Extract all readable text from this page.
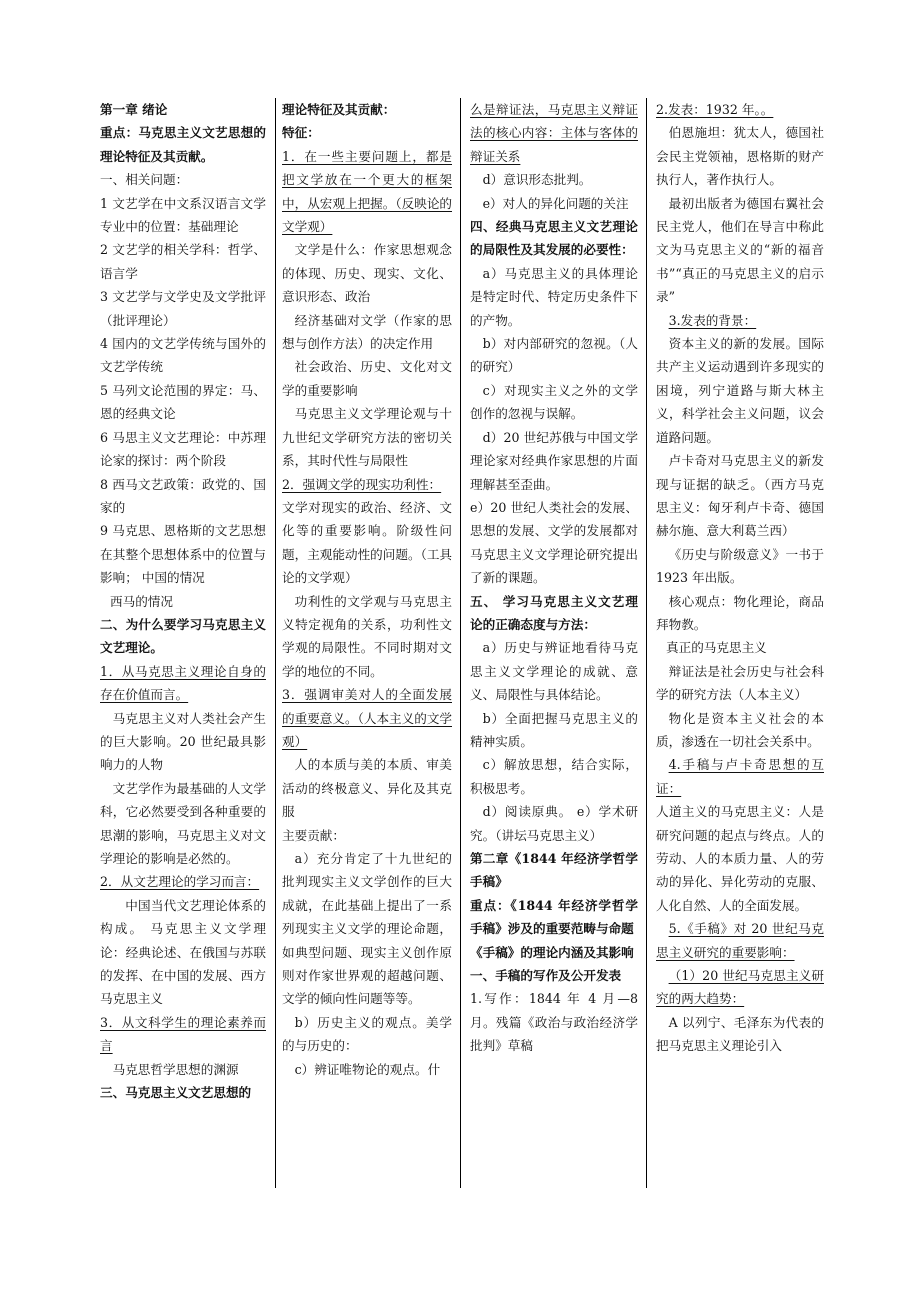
第一章 绪论
重点：马克思主义文艺思想的理论特征及其贡献。
一、相关问题：
1 文艺学在中文系汉语言文学专业中的位置：基础理论
2 文艺学的相关学科：哲学、语言学
3 文艺学与文学史及文学批评（批评理论）
4 国内的文艺学传统与国外的文艺学传统
5 马列文论范围的界定：马、恩的经典文论
6 马思主义文艺理论：中苏理论家的探讨：两个阶段
8 西马文艺政策：政党的、国家的
9 马克思、恩格斯的文艺思想在其整个思想体系中的位置与影响； 中国的情况
西马的情况
二、为什么要学习马克思主义文艺理论。
1．从马克思主义理论自身的存在价值而言。
马克思主义对人类社会产生的巨大影响。20 世纪最具影响力的人物
文艺学作为最基础的人文学科，它必然要受到各种重要的思潮的影响，马克思主义对文学理论的影响是必然的。
2．从文艺理论的学习而言：
中国当代文艺理论体系的构成。 马克思主义文学理论：经典论述、在俄国与苏联的发挥、在中国的发展、西方马克思主义
3．从文科学生的理论素养而言
马克思哲学思想的渊源
三、马克思主义文艺思想的
理论特征及其贡献：
特征：
1．在一些主要问题上，都是把文学放在一个更大的框架中，从宏观上把握。（反映论的文学观）
文学是什么：作家思想观念的体现、历史、现实、文化、意识形态、政治
经济基础对文学（作家的思想与创作方法）的决定作用
社会政治、历史、文化对文学的重要影响
马克思主义文学理论观与十九世纪文学研究方法的密切关系，其时代性与局限性
2．强调文学的现实功利性：
文学对现实的政治、经济、文化等的重要影响。阶级性问题，主观能动性的问题。（工具论的文学观）
功利性的文学观与马克思主义特定视角的关系，功利性文学观的局限性。不同时期对文学的地位的不同。
3．强调审美对人的全面发展的重要意义。（人本主义的文学观）
人的本质与美的本质、审美活动的终极意义、异化及其克服
主要贡献：
a）充分肯定了十九世纪的批判现实主义文学创作的巨大成就，在此基础上提出了一系列现实主义文学的理论命题，如典型问题、现实主义创作原则对作家世界观的超越问题、文学的倾向性问题等等。
b）历史主义的观点。美学的与历史的：
c）辨证唯物论的观点。什
么是辩证法，马克思主义辩证法的核心内容：主体与客体的辩证关系
d）意识形态批判。
e）对人的异化问题的关注
四、经典马克思主义文艺理论的局限性及其发展的必要性：
a）马克思主义的具体理论是特定时代、特定历史条件下的产物。
b）对内部研究的忽视。（人的研究）
c）对现实主义之外的文学创作的忽视与误解。
d）20 世纪苏俄与中国文学理论家对经典作家思想的片面理解甚至歪曲。
e）20 世纪人类社会的发展、思想的发展、文学的发展都对马克思主义文学理论研究提出了新的课题。
五、 学习马克思主义文艺理论的正确态度与方法：
a）历史与辨证地看待马克思主义文学理论的成就、意义、局限性与具体结论。
b）全面把握马克思主义的精神实质。
c）解放思想，结合实际，积极思考。
d）阅读原典。 e）学术研究。（讲坛马克思主义）
第二章《1844 年经济学哲学手稿》
重点：《1844 年经济学哲学手稿》涉及的重要范畴与命题
《手稿》的理论内涵及其影响
一、手稿的写作及公开发表
1.写作：1844 年 4 月—8 月。残篇《政治与政治经济学批判》草稿
2.发表：1932 年。。
伯恩施坦：犹太人，德国社会民主党领袖，恩格斯的财产执行人，著作执行人。
最初出版者为德国右翼社会民主党人，他们在导言中称此文为马克思主义的“新的福音书”“真正的马克思主义的启示录”
3.发表的背景：
资本主义的新的发展。国际共产主义运动遇到许多现实的困境，列宁道路与斯大林主义，科学社会主义问题，议会道路问题。
卢卡奇对马克思主义的新发现与证据的缺乏。（西方马克思主义：匈牙利卢卡奇、德国赫尔施、意大利葛兰西）
《历史与阶级意义》一书于 1923 年出版。
核心观点：物化理论，商品拜物教。
真正的马克思主义
辩证法是社会历史与社会科学的研究方法（人本主义）
物化是资本主义社会的本质，渗透在一切社会关系中。
4.手稿与卢卡奇思想的互证：
人道主义的马克思主义：人是研究问题的起点与终点。人的劳动、人的本质力量、人的劳动的异化、异化劳动的克服、人化自然、人的全面发展。
5.《手稿》对 20 世纪马克思主义研究的重要影响：
（1）20 世纪马克思主义研究的两大趋势：
A 以列宁、毛泽东为代表的把马克思主义理论引入
